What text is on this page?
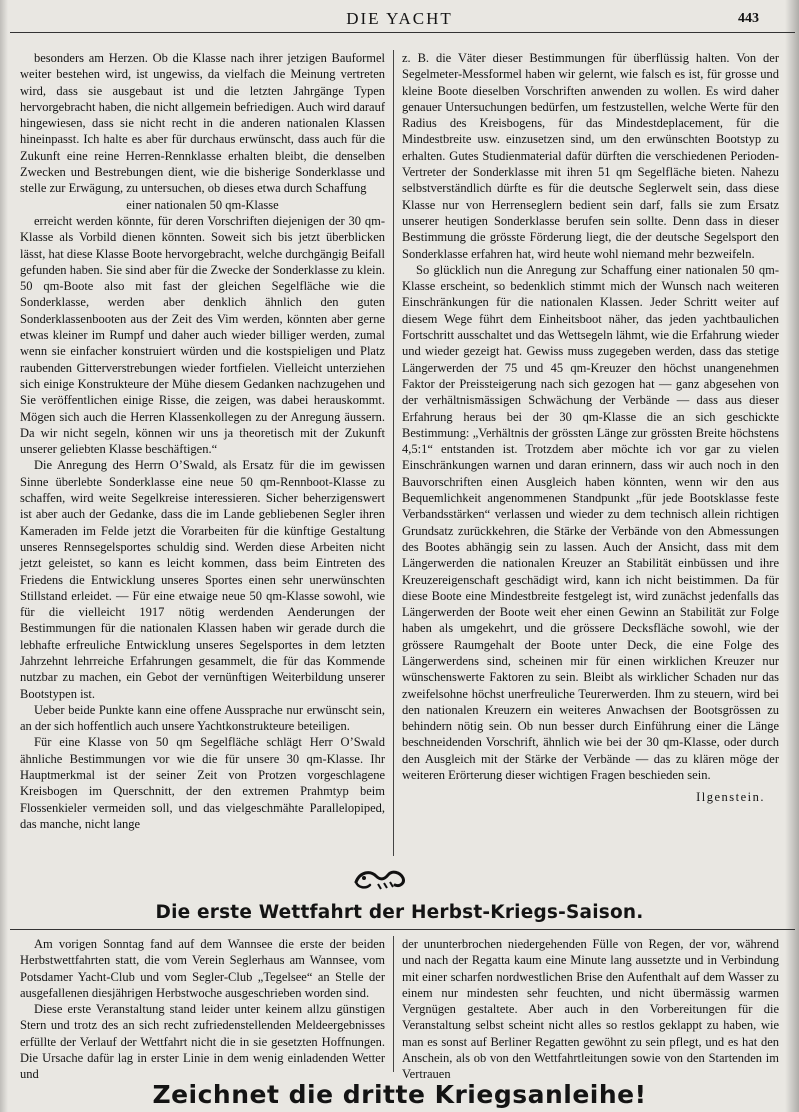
DIE YACHT	443

besonders am Herzen. Ob die Klasse nach ihrer jetzigen Bauformel weiter bestehen wird, ist ungewiss, da vielfach die Meinung vertreten wird, dass sie ausgebaut ist und die letzten Jahrgänge Typen hervorgebracht haben, die nicht allgemein befriedigen. Auch wird darauf hingewiesen, dass sie nicht recht in die anderen nationalen Klassen hineinpasst. Ich halte es aber für durchaus erwünscht, dass auch für die Zukunft eine reine Herren-Rennklasse erhalten bleibt, die denselben Zwecken und Bestrebungen dient, wie die bisherige Sonderklasse und stelle zur Erwägung, zu untersuchen, ob dieses etwa durch Schaffung

einer nationalen 50 qm-Klasse

erreicht werden könnte, für deren Vorschriften diejenigen der 30 qm-Klasse als Vorbild dienen könnten. Soweit sich bis jetzt überblicken lässt, hat diese Klasse Boote hervorgebracht, welche durchgängig Beifall gefunden haben. Sie sind aber für die Zwecke der Sonderklasse zu klein. 50 qm-Boote also mit fast der gleichen Segelfläche wie die Sonderklasse, werden aber denklich ähnlich den guten Sonderklassenbooten aus der Zeit des Vim werden, könnten aber gerne etwas kleiner im Rumpf und daher auch wieder billiger werden, zumal wenn sie einfacher konstruiert würden und die kostspieligen und Platz raubenden Gitterverstrebungen wieder fortfielen. Vielleicht unterziehen sich einige Konstrukteure der Mühe diesem Gedanken nachzugehen und Sie veröffentlichen einige Risse, die zeigen, was dabei herauskommt. Mögen sich auch die Herren Klassenkollegen zu der Anregung äussern. Da wir nicht segeln, können wir uns ja theoretisch mit der Zukunft unserer geliebten Klasse beschäftigen.“

Die Anregung des Herrn O’Swald, als Ersatz für die im gewissen Sinne überlebte Sonderklasse eine neue 50 qm-Rennboot-Klasse zu schaffen, wird weite Segelkreise interessieren. Sicher beherzigenswert ist aber auch der Gedanke, dass die im Lande gebliebenen Segler ihren Kameraden im Felde jetzt die Vorarbeiten für die künftige Gestaltung unseres Rennsegelsportes schuldig sind. Werden diese Arbeiten nicht jetzt geleistet, so kann es leicht kommen, dass beim Eintreten des Friedens die Entwicklung unseres Sportes einen sehr unerwünschten Stillstand erleidet. — Für eine etwaige neue 50 qm-Klasse sowohl, wie für die vielleicht 1917 nötig werdenden Aenderungen der Bestimmungen für die nationalen Klassen haben wir gerade durch die lebhafte erfreuliche Entwicklung unseres Segelsportes in dem letzten Jahrzehnt lehrreiche Erfahrungen gesammelt, die für das Kommende nutzbar zu machen, ein Gebot der vernünftigen Weiterbildung unserer Bootstypen ist.

Ueber beide Punkte kann eine offene Aussprache nur erwünscht sein, an der sich hoffentlich auch unsere Yachtkonstrukteure beteiligen.

Für eine Klasse von 50 qm Segelfläche schlägt Herr O’Swald ähnliche Bestimmungen vor wie die für unsere 30 qm-Klasse. Ihr Hauptmerkmal ist der seiner Zeit von Protzen vorgeschlagene Kreisbogen im Querschnitt, der den extremen Prahmtyp beim Flossenkieler vermeiden soll, und das vielgeschmähte Parallelopiped, das manche, nicht lange

z. B. die Väter dieser Bestimmungen für überflüssig halten. Von der Segelmeter-Messformel haben wir gelernt, wie falsch es ist, für grosse und kleine Boote dieselben Vorschriften anwenden zu wollen. Es wird daher genauer Untersuchungen bedürfen, um festzustellen, welche Werte für den Radius des Kreisbogens, für das Mindestdeplacement, für die Mindestbreite usw. einzusetzen sind, um den erwünschten Bootstyp zu erhalten. Gutes Studienmaterial dafür dürften die verschiedenen Perioden-Vertreter der Sonderklasse mit ihren 51 qm Segelfläche bieten. Nahezu selbstverständlich dürfte es für die deutsche Seglerwelt sein, dass diese Klasse nur von Herrenseglern bedient sein darf, falls sie zum Ersatz unserer heutigen Sonderklasse berufen sein sollte. Denn dass in dieser Bestimmung die grösste Förderung liegt, die der deutsche Segelsport den Sonderklasse erfahren hat, wird heute wohl niemand mehr bezweifeln.

So glücklich nun die Anregung zur Schaffung einer nationalen 50 qm-Klasse erscheint, so bedenklich stimmt mich der Wunsch nach weiteren Einschränkungen für die nationalen Klassen. Jeder Schritt weiter auf diesem Wege führt dem Einheitsboot näher, das jeden yachtbaulichen Fortschritt ausschaltet und das Wettsegeln lähmt, wie die Erfahrung wieder und wieder gezeigt hat. Gewiss muss zugegeben werden, dass das stetige Längerwerden der 75 und 45 qm-Kreuzer den höchst unangenehmen Faktor der Preissteigerung nach sich gezogen hat — ganz abgesehen von der verhältnismässigen Schwächung der Verbände — dass aus dieser Erfahrung heraus bei der 30 qm-Klasse die an sich geschickte Bestimmung: „Verhältnis der grössten Länge zur grössten Breite höchstens 4,5:1“ entstanden ist. Trotzdem aber möchte ich vor gar zu vielen Einschränkungen warnen und daran erinnern, dass wir auch noch in den Bauvorschriften einen Ausgleich haben könnten, wenn wir den aus Bequemlichkeit angenommenen Standpunkt „für jede Bootsklasse feste Verbandsstärken“ verlassen und wieder zu dem technisch allein richtigen Grundsatz zurückkehren, die Stärke der Verbände von den Abmessungen des Bootes abhängig sein zu lassen. Auch der Ansicht, dass mit dem Längerwerden die nationalen Kreuzer an Stabilität einbüssen und ihre Kreuzereigenschaft geschädigt wird, kann ich nicht beistimmen. Da für diese Boote eine Mindestbreite festgelegt ist, wird zunächst jedenfalls das Längerwerden der Boote weit eher einen Gewinn an Stabilität zur Folge haben als umgekehrt, und die grössere Decksfläche sowohl, wie der grössere Raumgehalt der Boote unter Deck, die eine Folge des Längerwerdens sind, scheinen mir für einen wirklichen Kreuzer nur wünschenswerte Faktoren zu sein. Bleibt als wirklicher Schaden nur das zweifelsohne höchst unerfreuliche Teurerwerden. Ihm zu steuern, wird bei den nationalen Kreuzern ein weiteres Anwachsen der Bootsgrössen zu behindern nötig sein. Ob nun besser durch Einführung einer die Länge beschneidenden Vorschrift, ähnlich wie bei der 30 qm-Klasse, oder durch den Ausgleich mit der Stärke der Verbände — das zu klären möge der weiteren Erörterung dieser wichtigen Fragen beschieden sein.

Ilgenstein.

Die erste Wettfahrt der Herbst-Kriegs-Saison.

Am vorigen Sonntag fand auf dem Wannsee die erste der beiden Herbstwettfahrten statt, die vom Verein Seglerhaus am Wannsee, vom Potsdamer Yacht-Club und vom Segler-Club „Tegelsee“ an Stelle der ausgefallenen diesjährigen Herbstwoche ausgeschrieben worden sind.

Diese erste Veranstaltung stand leider unter keinem allzu günstigen Stern und trotz des an sich recht zufriedenstellenden Meldeergebnisses erfüllte der Verlauf der Wettfahrt nicht die in sie gesetzten Hoffnungen. Die Ursache dafür lag in erster Linie in dem wenig einladenden Wetter und

der ununterbrochen niedergehenden Fülle von Regen, der vor, während und nach der Regatta kaum eine Minute lang aussetzte und in Verbindung mit einer scharfen nordwestlichen Brise den Aufenthalt auf dem Wasser zu einem nur mindesten sehr feuchten, und nicht übermässig warmen Vergnügen gestaltete. Aber auch in den Vorbereitungen für die Veranstaltung selbst scheint nicht alles so restlos geklappt zu haben, wie man es sonst auf Berliner Regatten gewöhnt zu sein pflegt, und es hat den Anschein, als ob von den Wettfahrtleitungen sowie von den Startenden im Vertrauen

Zeichnet die dritte Kriegsanleihe!
